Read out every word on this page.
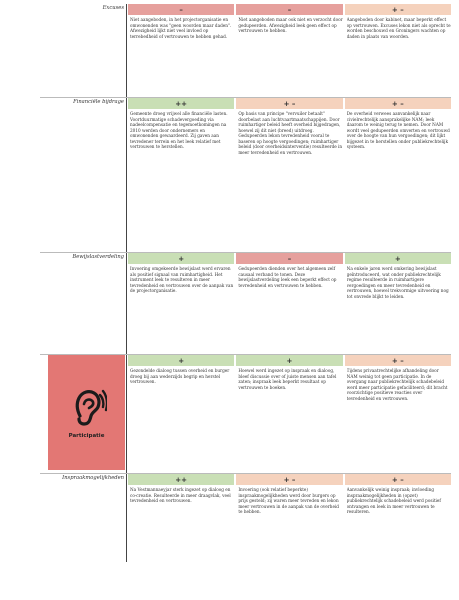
Excuses	–	–	+ –
Niet aangeboden, in het projectorganisatie en omwonenden was "geen woorden maar daden". Afwezigheid lijkt niet veel invloed op terrebedheid of vertrouwen te hebben gehad.
Niet aangeboden maar ook niet en verzocht door gedupeerden. Afwezigheid leek geen effect op vertrouwen te hebben.
Aangeboden door kabinet, maar beperkt effect op vertrouwen. Excuses lekon niet als oprecht te worden beschouwd en Groningers wachten op daden in plaats van woorden.
Financiële bijdrage	++	+ –	+ –
Gemeente droeg vrijwel alle financiële lasten. Voortduurmatige schadevergoeding via nadeelcompensatie en tegemoetkomingen na 2010 werden door ondernemers en omwonenden gewaardeerd. Zij gaven aan tevredener terrein en het leek relatief met vertrouwen te herstellen.
Op basis van principe "vervuiler betaalt" doorbelast aan luchtvaartmaatschappijen. Door ruimhartiger beleid heeft overheid bijgedragen, hoewel zij dit niet (breed) uitdroeg. Gedupeerden lekon tevredenheid vooral te baseren op hoogte vergoedingen; ruimhartiger beleid (door overheidsinterventie) resulteerde in meer tevredenheid en vertrouwen.
De overheid verwees aanvankelijk naar civielrechtelijk aansprakelijke NAM; leek daarom te weinig terug te nemen. Door NAM wordt veel gedupeerden omverten en vertrouwd over de hoogte van hun vergoedingen; dit lijkt bijgezet in te herstellen onder publiekrechtelijk systeem.
Bewijslastverdeling	+	–	+
Invoering omgekeerde bewijslast werd ervaren als positief signaal van ruimhartigheid. Het instrument leek te resulteren in meer tevredenheid en vertrouwen over de aanpak van de projectorganisatie.
Gedupeerden dienden over het algemeen zelf causaal verband te tonen. Deze bewijslastverdeling leek een beperkt effect op tevredenheid en vertrouwen te hebben.
Na enkele jaren werd omkering bewijslast geïntroduceerd, wat onder publiekrechtelijk regime resulteerde in ruimhartigere vergoedingen en meer tevredenheid en vertrouwen, hoewel trekvormige uitvoering nog tot onvrede blijkt te leiden.
Participatie
+	+	+ –
Gezondelde dialoog tussen overheid en burger droeg bij aan wederzijds begrip en herstel vertrouwen.
Hoewel werd ingezet op inspraak en dialoog, bleef discussie over of juiste mensen aan tafel zaten; inspraak leek beperkt resultaat op vertrouwen te boeken.
Tijdens privaatrechtelijke afhandeling door NAM weinig tot geen participatie. In de overgang naar publiekrechtelijk schadebeleid werd meer participatie gefaciliteerd; dit bracht voorzichtige positieve reacties over tevredenheid en vertrouwen.
Inspraakmogelijkheden	++	+ –	+ –
Na Vestmannaeyjar sterk ingezet op dialoog en co-creatie. Resulteerde in meer draagvlak, veel tevredenheid en vertrouwen.
Invoering (ook relatief beperkte) inspraakmogelijkheden werd door burgers op prijs gesteld; zij waren meer tevreden en lekon meer vertrouwen in de aanpak van de overheid te hebben.
Aanvankelijk weinig inspraak; invloeding inspraakmogelijkheden in (opzet) publiekrechtelijk schadebeleid werd positief ontvangen en leek in meer vertrouwen te resulteren.
